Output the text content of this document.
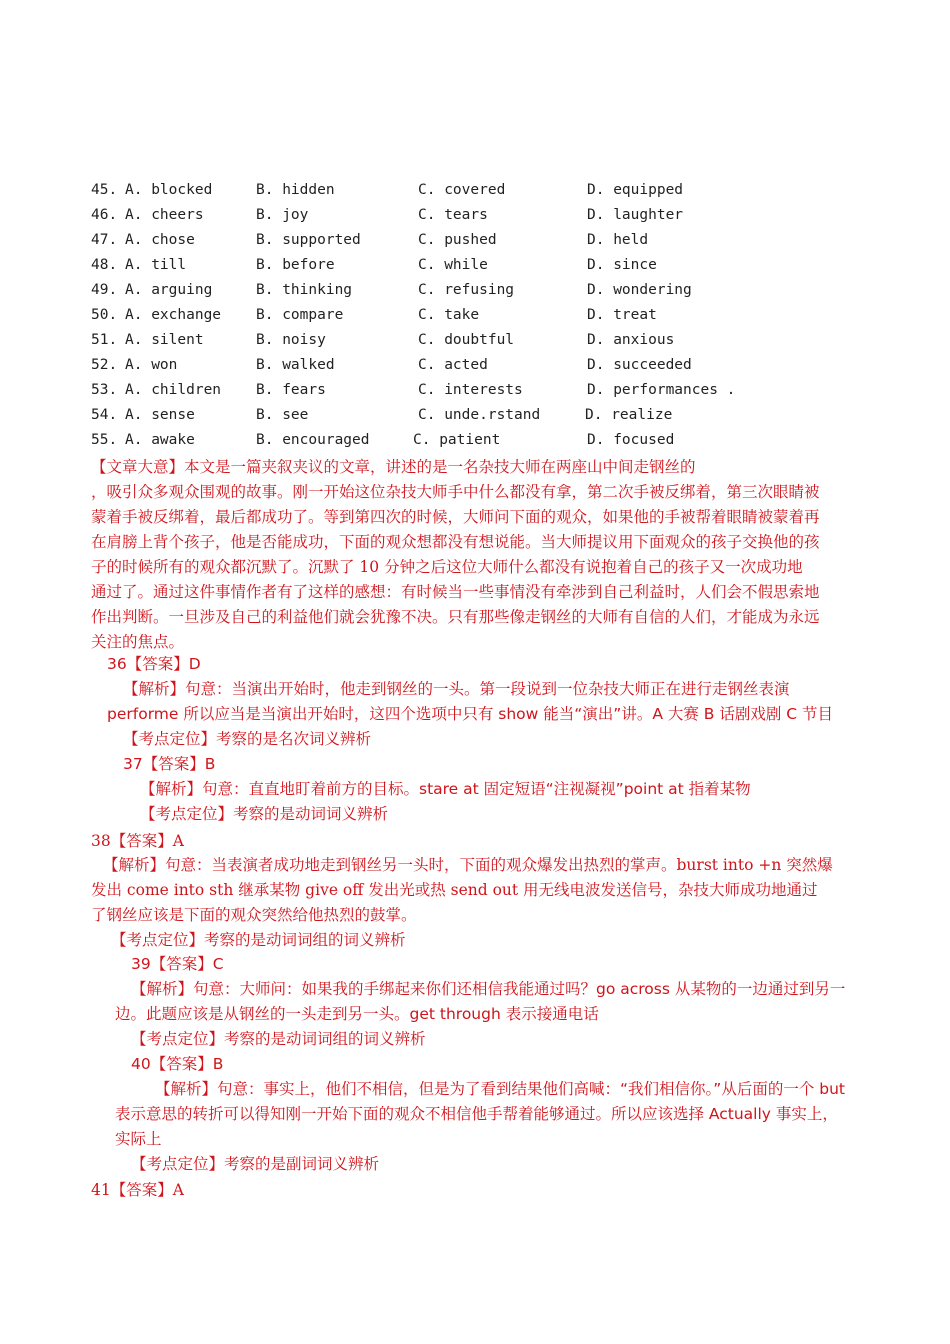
45. A. blocked	B. hidden	C. covered	D. equipped
46. A. cheers	B. joy	C. tears	D. laughter
47. A. chose	B. supported	C. pushed	D. held
48. A. till	B. before	C. while	D. since
49. A. arguing	B. thinking	C. refusing	D. wondering
50. A. exchange B. compare	C. take	D. treat
51. A. silent	B. noisy	C. doubtful	D. anxious
52. A. won	B. walked	C. acted	D. succeeded
53. A. children B. fears	C. interests	D. performances .
54. A. sense	B. see	C. unde.rstand	D. realize
55. A. awake	B. encouraged	C. patient	D. focused
【文章大意】本文是一篇夹叙夹议的文章，讲述的是一名杂技大师在两座山中间走钢丝的
，吸引众多观众围观的故事。刚一开始这位杂技大师手中什么都没有拿，第二次手被反绑着，第三次眼睛被
蒙着手被反绑着，最后都成功了。等到第四次的时候，大师问下面的观众，如果他的手被帮着眼睛被蒙着再
在肩膀上背个孩子，他是否能成功，下面的观众想都没有想说能。当大师提议用下面观众的孩子交换他的孩
子的时候所有的观众都沉默了。沉默了 10 分钟之后这位大师什么都没有说抱着自己的孩子又一次成功地
通过了。通过这件事情作者有了这样的感想：有时候当一些事情没有牵涉到自己利益时，人们会不假思索地
作出判断。一旦涉及自己的利益他们就会犹豫不决。只有那些像走钢丝的大师有自信的人们，才能成为永远
关注的焦点。
36【答案】D
【解析】句意：当演出开始时，他走到钢丝的一头。第一段说到一位杂技大师正在进行走钢丝表演
performe 所以应当是当演出开始时，这四个选项中只有 show 能当“演出”讲。A 大赛 B 话剧戏剧 C 节目
【考点定位】考察的是名次词义辨析
37【答案】B
【解析】句意：直直地盯着前方的目标。stare at 固定短语“注视凝视”point at 指着某物
【考点定位】考察的是动词词义辨析
38【答案】A
【解析】句意：当表演者成功地走到钢丝另一头时，下面的观众爆发出热烈的掌声。burst into +n 突然爆
发出 come into sth 继承某物 give off 发出光或热 send out 用无线电波发送信号，杂技大师成功地通过
了钢丝应该是下面的观众突然给他热烈的鼓掌。
【考点定位】考察的是动词词组的词义辨析
39【答案】C
【解析】句意：大师问：如果我的手绑起来你们还相信我能通过吗？go across 从某物的一边通过到另一
边。此题应该是从钢丝的一头走到另一头。get through 表示接通电话
【考点定位】考察的是动词词组的词义辨析
40【答案】B
【解析】句意：事实上，他们不相信，但是为了看到结果他们高喊：“我们相信你。”从后面的一个 but
表示意思的转折可以得知刚一开始下面的观众不相信他手帮着能够通过。所以应该选择 Actually 事实上，
实际上
【考点定位】考察的是副词词义辨析
41【答案】A
